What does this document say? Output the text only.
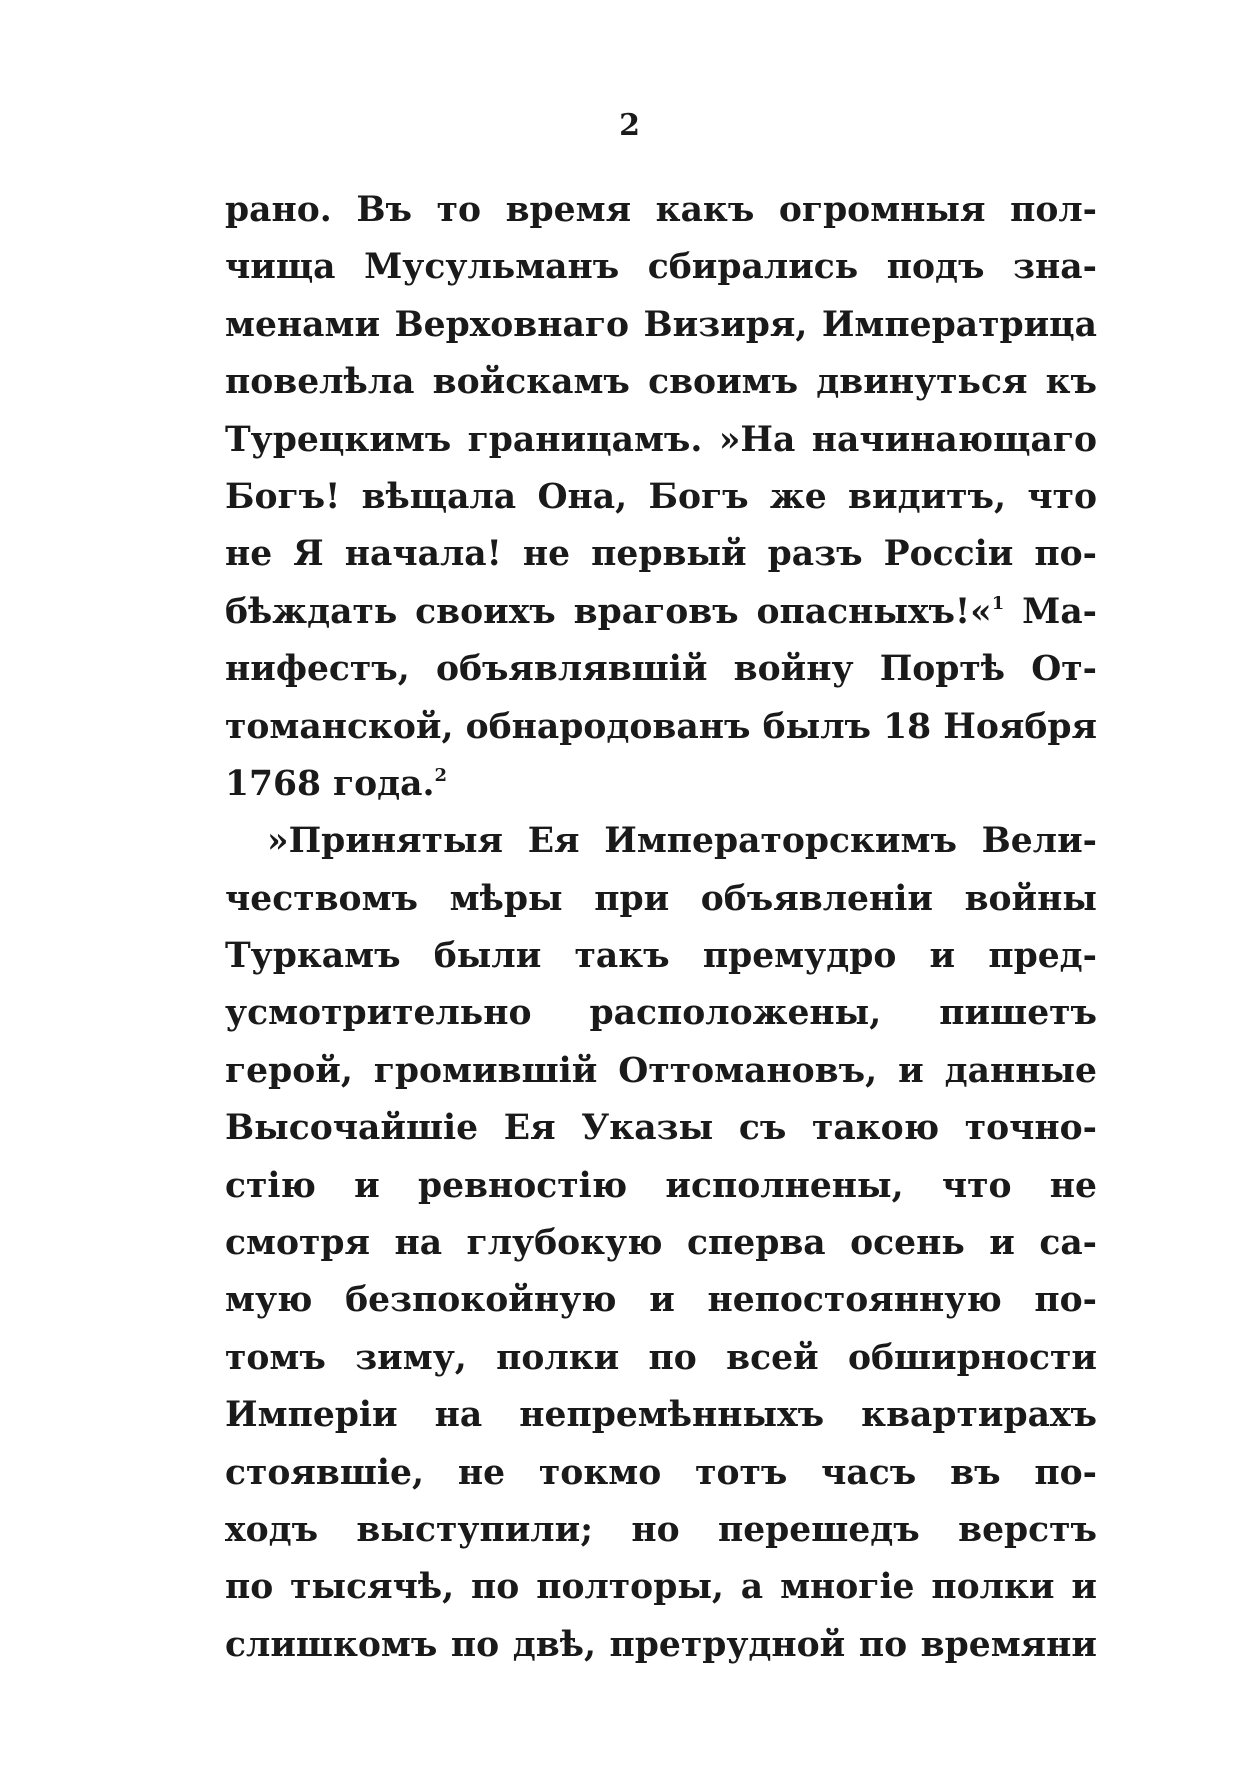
2
рано. Въ то время какъ огромныя пол-
чища Мусульманъ сбирались подъ зна-
менами Верховнаго Визиря, Императрица
повелѣла войскамъ своимъ двинуться къ
Турецкимъ границамъ. »На начинающаго
Богъ! вѣщала Она, Богъ же видитъ, что
не Я начала! не первый разъ Россіи по-
бѣждать своихъ враговъ опасныхъ!«$^1$ Ма-
нифестъ, объявлявшій войну Портѣ От-
томанской, обнародованъ былъ 18 Ноября
1768 года.$^2$
»Принятыя Ея Императорскимъ Вели-
чествомъ мѣры при объявленіи войны
Туркамъ были такъ премудро и пред-
усмотрительно расположены, пишетъ
герой, громившій Оттомановъ, и данные
Высочайшіе Ея Указы съ такою точно-
стію и ревностію исполнены, что не
смотря на глубокую сперва осень и са-
мую безпокойную и непостоянную по-
томъ зиму, полки по всей обширности
Имперіи на непремѣнныхъ квартирахъ
стоявшіе, не токмо тотъ часъ въ по-
ходъ выступили; но перешедъ верстъ
по тысячѣ, по полторы, а многіе полки и
слишкомъ по двѣ, претрудной по времяни
